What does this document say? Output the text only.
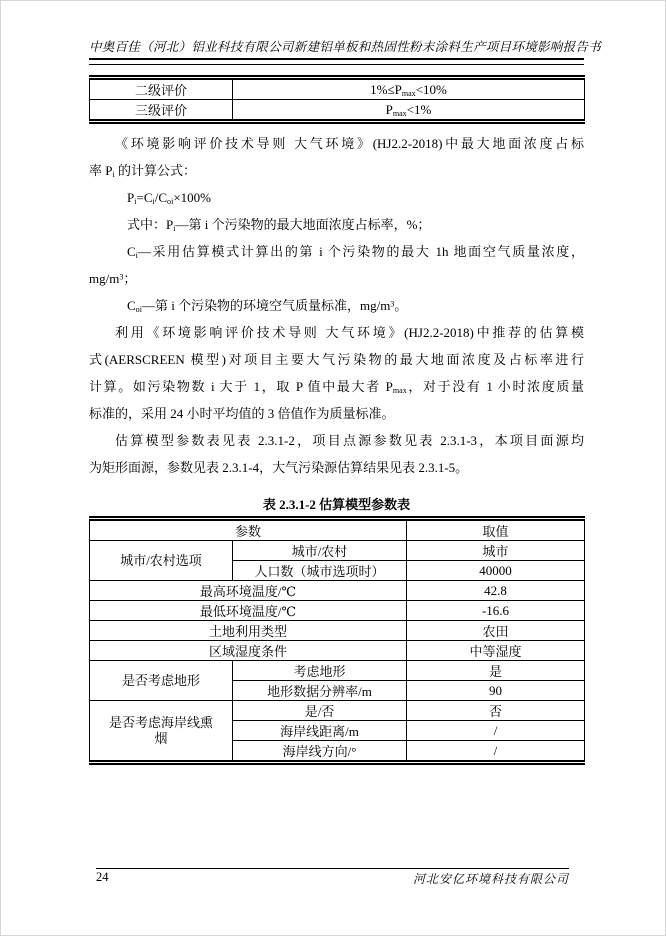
中奥百佳（河北）铝业科技有限公司新建铝单板和热固性粉末涂料生产项目环境影响报告书
二级评价	$1\%\le P_{max}<10\%$
三级评价	$P_{max}<1\%$
《环境影响评价技术导则 大气环境》(HJ2.2-2018)中最大地面浓度占标
率 $P_i$ 的计算公式：
$P_i=C_i/C_{oi}\times 100\%$
式中：$P_i—$第 i 个污染物的最大地面浓度占标率，%；
$C_i—$采用估算模式计算出的第 i 个污染物的最大 1h 地面空气质量浓度，
$mg/m^3$；
$C_{oi}—$第 i 个污染物的环境空气质量标准，$mg/m^3$。
利用《环境影响评价技术导则 大气环境》(HJ2.2-2018)中推荐的估算模
式(AERSCREEN 模型)对项目主要大气污染物的最大地面浓度及占标率进行
计算。如污染物数 i 大于 1，取 P 值中最大者 $P_{max}$，对于没有 1 小时浓度质量
标准的，采用 24 小时平均值的 3 倍值作为质量标准。
估算模型参数表见表 2.3.1-2，项目点源参数见表 2.3.1-3，本项目面源均
为矩形面源，参数见表 2.3.1-4，大气污染源估算结果见表 2.3.1-5。
表 2.3.1-2 估算模型参数表
参数		取值
城市/农村选项	城市/农村	城市
	人口数（城市选项时）	40000
最高环境温度/℃		42.8
最低环境温度/℃		-16.6
土地利用类型		农田
区域湿度条件		中等湿度
是否考虑地形	考虑地形	是
	地形数据分辨率/m	90
是否考虑海岸线熏烟	是/否	否
	海岸线距离/m	/
	海岸线方向/°	/
24	河北安亿环境科技有限公司
